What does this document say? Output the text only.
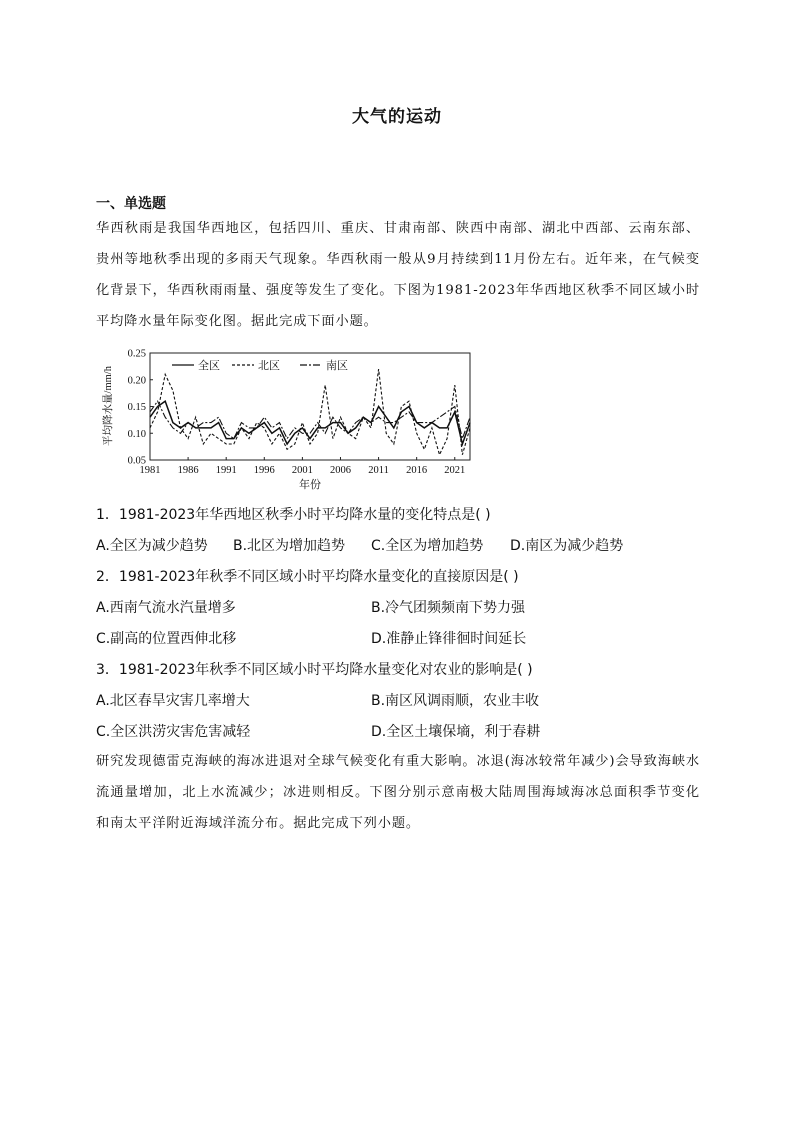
大气的运动
一、单选题
华西秋雨是我国华西地区，包括四川、重庆、甘肃南部、陕西中南部、湖北中西部、云南东部、贵州等地秋季出现的多雨天气现象。华西秋雨一般从9月持续到11月份左右。近年来，在气候变化背景下，华西秋雨雨量、强度等发生了变化。下图为1981-2023年华西地区秋季不同区域小时平均降水量年际变化图。据此完成下面小题。
0.05
0.10
0.15
0.20
0.25
1981 1986 1991 1996 2001 2006 2011 2016 2021
全区	北区	南区
平均降水量/mm/h
年份
1．1981-2023年华西地区秋季小时平均降水量的变化特点是( )
A.全区为减少趋势 B.北区为增加趋势 C.全区为增加趋势 D.南区为减少趋势
2．1981-2023年秋季不同区域小时平均降水量变化的直接原因是( )
A.西南气流水汽量增多	B.冷气团频频南下势力强
C.副高的位置西伸北移	D.准静止锋徘徊时间延长
3．1981-2023年秋季不同区域小时平均降水量变化对农业的影响是( )
A.北区春旱灾害几率增大	B.南区风调雨顺，农业丰收
C.全区洪涝灾害危害减轻	D.全区土壤保墒，利于春耕
研究发现德雷克海峡的海冰进退对全球气候变化有重大影响。冰退(海冰较常年减少)会导致海峡水流通量增加，北上水流减少；冰进则相反。下图分别示意南极大陆周围海域海冰总面积季节变化和南太平洋附近海域洋流分布。据此完成下列小题。
